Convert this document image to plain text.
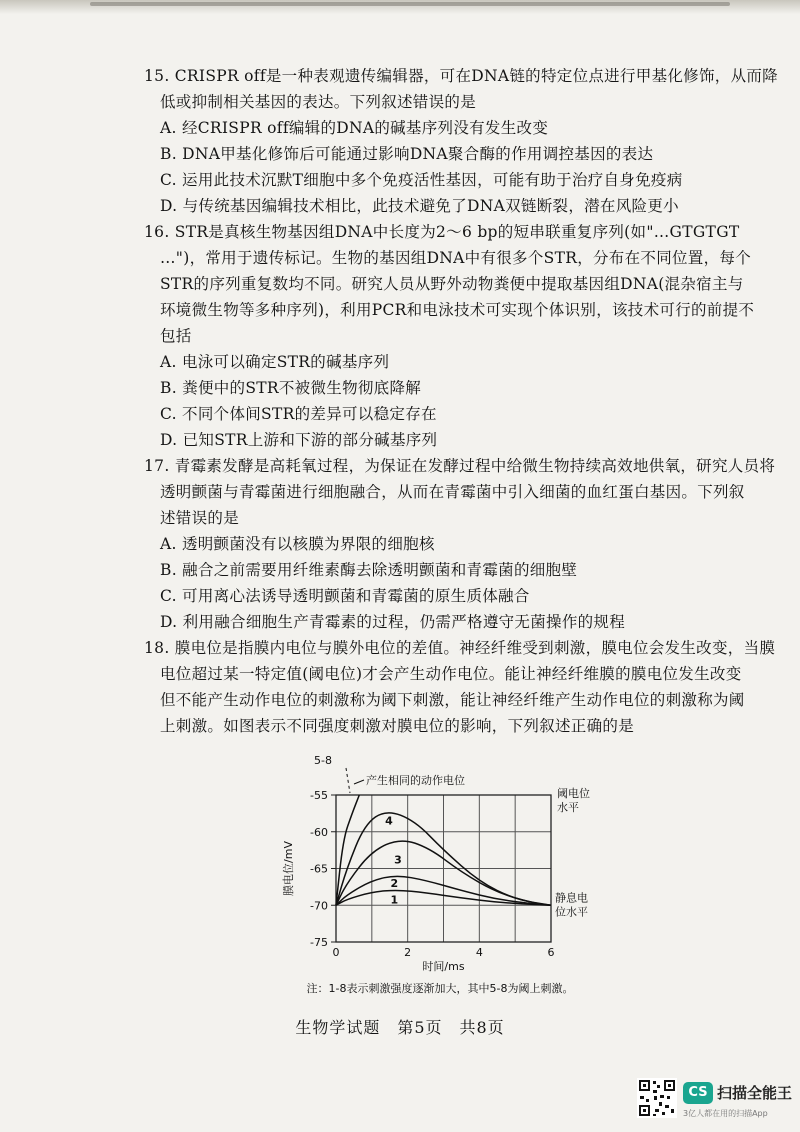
15. CRISPR off是一种表观遗传编辑器，可在DNA链的特定位点进行甲基化修饰，从而降
低或抑制相关基因的表达。下列叙述错误的是
A. 经CRISPR off编辑的DNA的碱基序列没有发生改变
B. DNA甲基化修饰后可能通过影响DNA聚合酶的作用调控基因的表达
C. 运用此技术沉默T细胞中多个免疫活性基因，可能有助于治疗自身免疫病
D. 与传统基因编辑技术相比，此技术避免了DNA双链断裂，潜在风险更小
16. STR是真核生物基因组DNA中长度为2～6 bp的短串联重复序列(如"…GTGTGT
…")，常用于遗传标记。生物的基因组DNA中有很多个STR，分布在不同位置，每个
STR的序列重复数均不同。研究人员从野外动物粪便中提取基因组DNA(混杂宿主与
环境微生物等多种序列)，利用PCR和电泳技术可实现个体识别，该技术可行的前提不
包括
A. 电泳可以确定STR的碱基序列
B. 粪便中的STR不被微生物彻底降解
C. 不同个体间STR的差异可以稳定存在
D. 已知STR上游和下游的部分碱基序列
17. 青霉素发酵是高耗氧过程，为保证在发酵过程中给微生物持续高效地供氧，研究人员将
透明颤菌与青霉菌进行细胞融合，从而在青霉菌中引入细菌的血红蛋白基因。下列叙
述错误的是
A. 透明颤菌没有以核膜为界限的细胞核
B. 融合之前需要用纤维素酶去除透明颤菌和青霉菌的细胞壁
C. 可用离心法诱导透明颤菌和青霉菌的原生质体融合
D. 利用融合细胞生产青霉素的过程，仍需严格遵守无菌操作的规程
18. 膜电位是指膜内电位与膜外电位的差值。神经纤维受到刺激，膜电位会发生改变，当膜
电位超过某一特定值(阈电位)才会产生动作电位。能让神经纤维膜的膜电位发生改变
但不能产生动作电位的刺激称为阈下刺激，能让神经纤维产生动作电位的刺激称为阈
上刺激。如图表示不同强度刺激对膜电位的影响，下列叙述正确的是
-55
-60
-65
-70
-75
0	2	4	6
时间/ms
膜电位/mV
1
2
3
4
5-8
产生相同的动作电位
阈电位
水平
静息电
位水平
注：1-8表示刺激强度逐渐加大，其中5-8为阈上刺激。
生物学试题　第5页　共8页
CS 扫描全能王
3亿人都在用的扫描App
